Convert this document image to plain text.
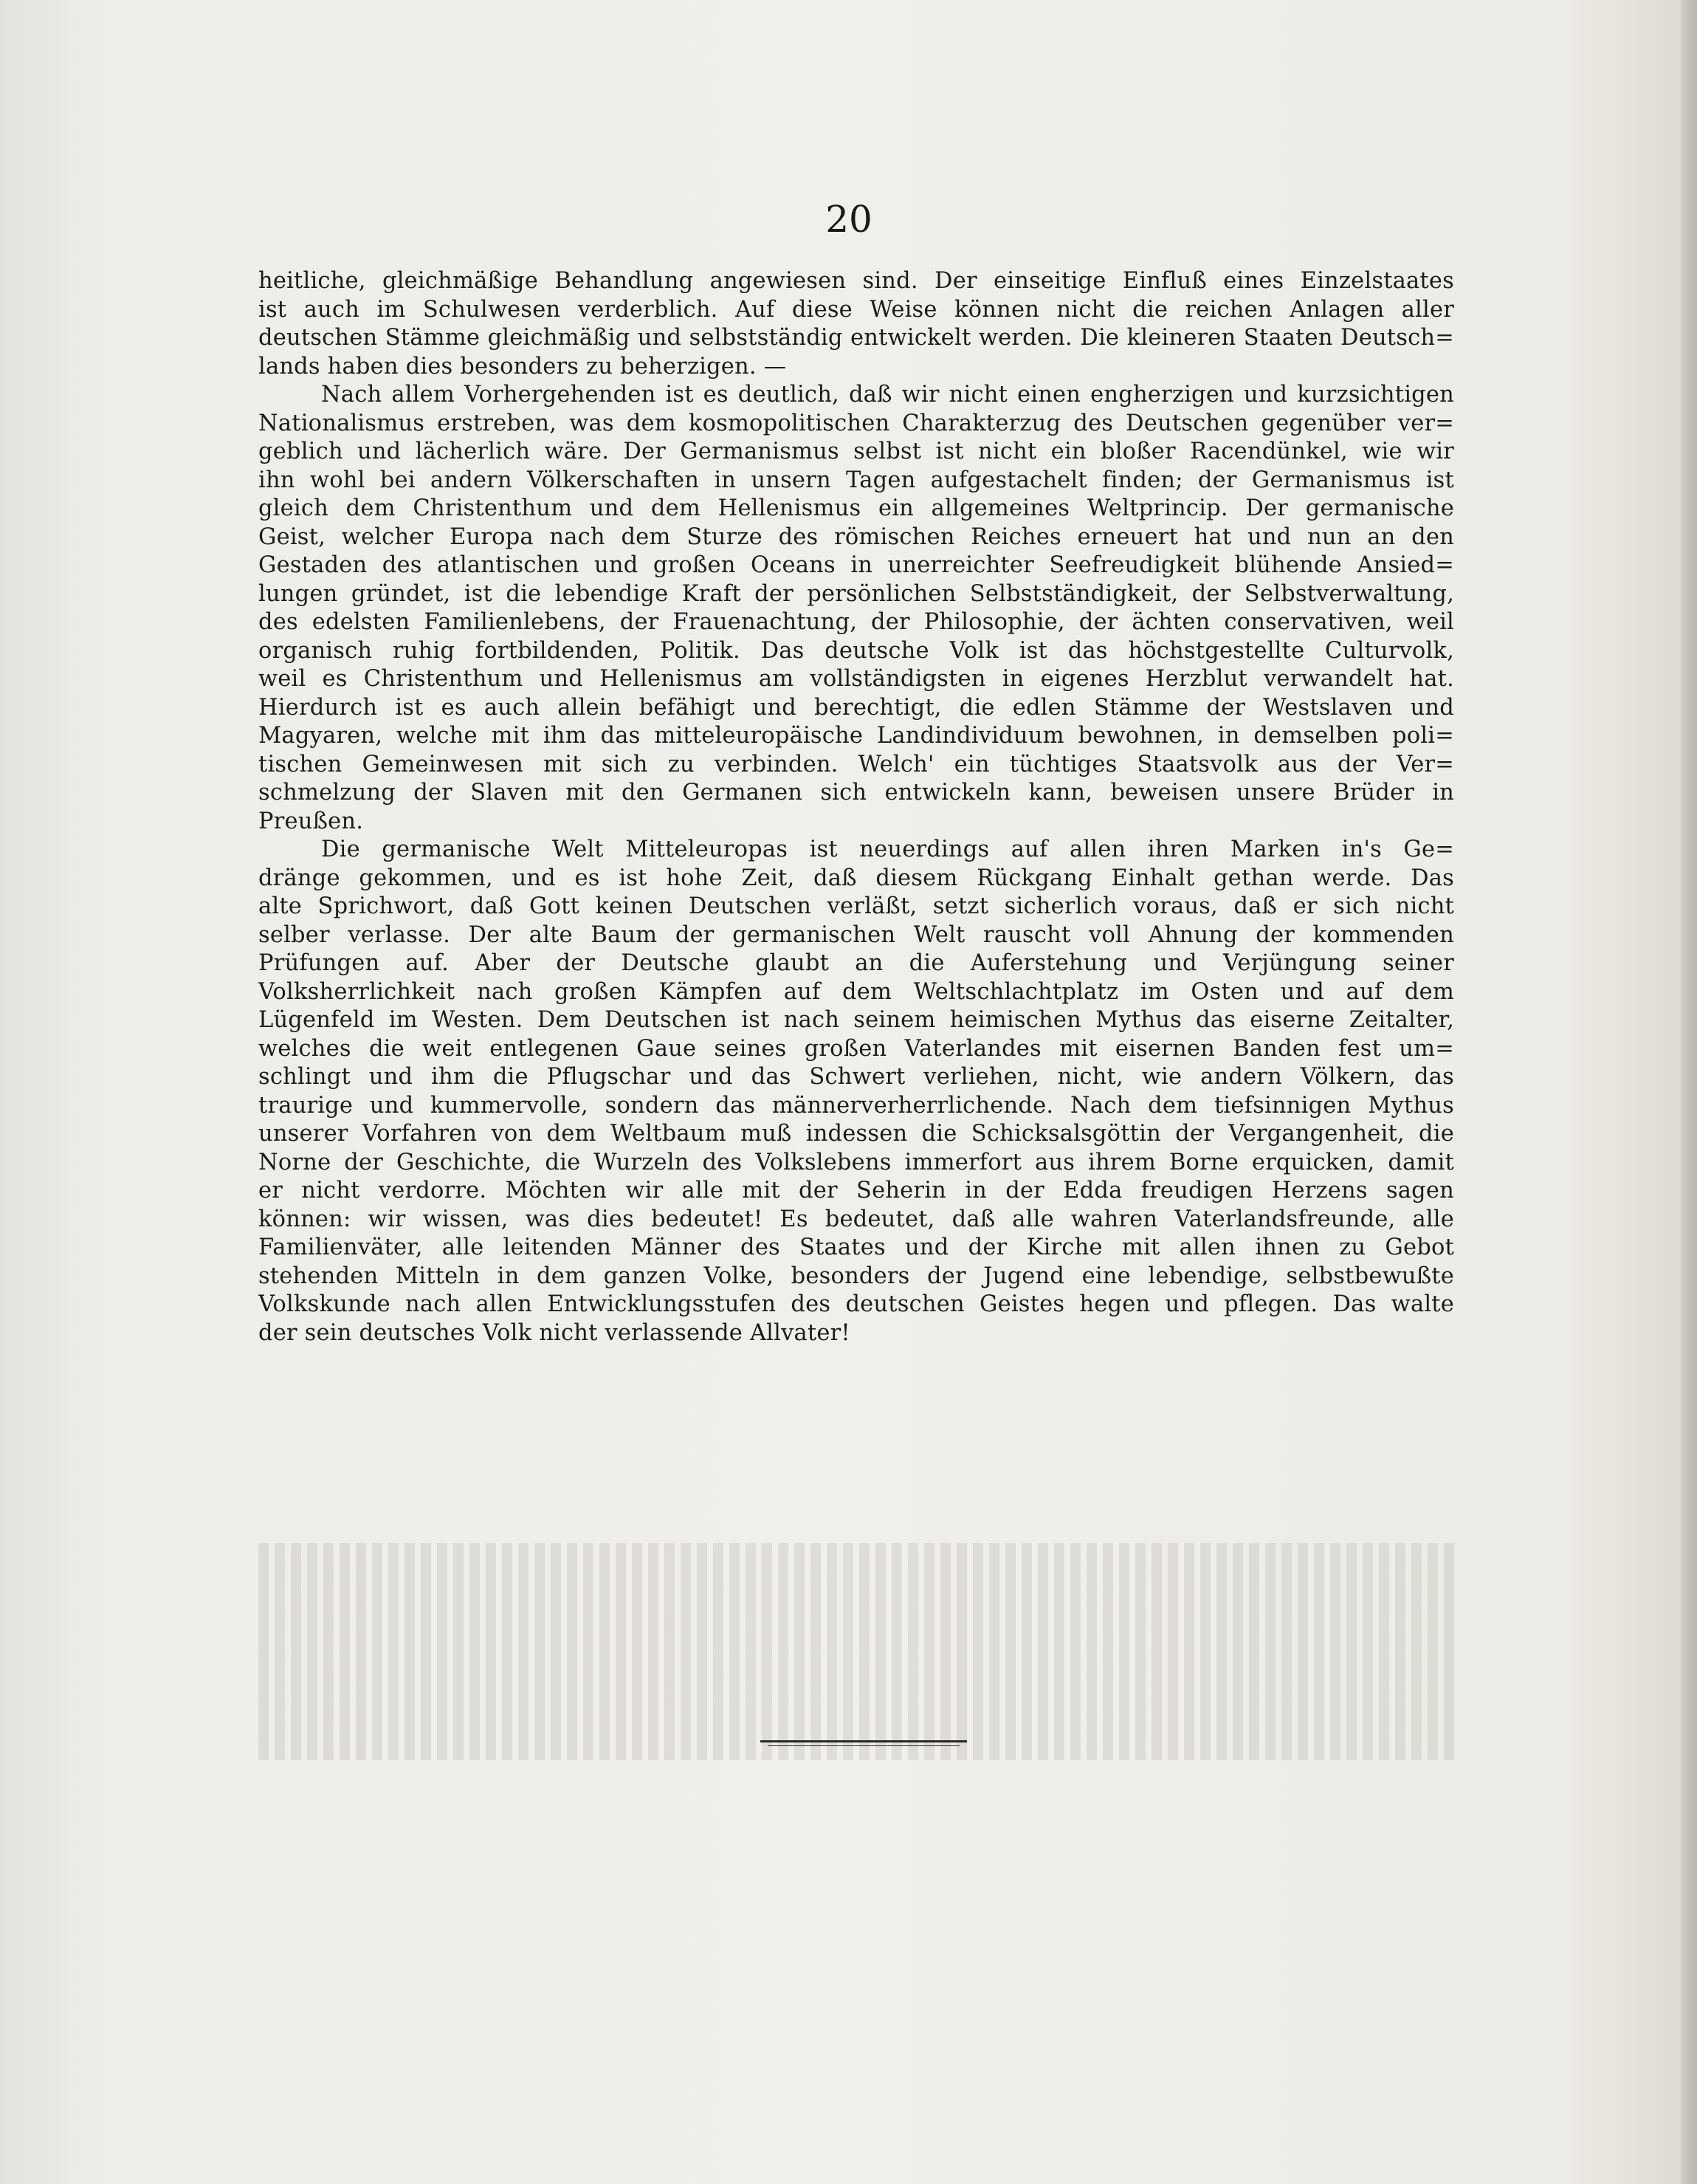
20
heitliche, gleichmäßige Behandlung angewiesen sind. Der einseitige Einfluß eines Einzelstaates
ist auch im Schulwesen verderblich. Auf diese Weise können nicht die reichen Anlagen aller
deutschen Stämme gleichmäßig und selbstständig entwickelt werden. Die kleineren Staaten Deutsch=
lands haben dies besonders zu beherzigen. —
Nach allem Vorhergehenden ist es deutlich, daß wir nicht einen engherzigen und kurzsichtigen
Nationalismus erstreben, was dem kosmopolitischen Charakterzug des Deutschen gegenüber ver=
geblich und lächerlich wäre. Der Germanismus selbst ist nicht ein bloßer Racendünkel, wie wir
ihn wohl bei andern Völkerschaften in unsern Tagen aufgestachelt finden; der Germanismus ist
gleich dem Christenthum und dem Hellenismus ein allgemeines Weltprincip. Der germanische
Geist, welcher Europa nach dem Sturze des römischen Reiches erneuert hat und nun an den
Gestaden des atlantischen und großen Oceans in unerreichter Seefreudigkeit blühende Ansied=
lungen gründet, ist die lebendige Kraft der persönlichen Selbstständigkeit, der Selbstverwaltung,
des edelsten Familienlebens, der Frauenachtung, der Philosophie, der ächten conservativen, weil
organisch ruhig fortbildenden, Politik. Das deutsche Volk ist das höchstgestellte Culturvolk,
weil es Christenthum und Hellenismus am vollständigsten in eigenes Herzblut verwandelt hat.
Hierdurch ist es auch allein befähigt und berechtigt, die edlen Stämme der Westslaven und
Magyaren, welche mit ihm das mitteleuropäische Landindividuum bewohnen, in demselben poli=
tischen Gemeinwesen mit sich zu verbinden. Welch' ein tüchtiges Staatsvolk aus der Ver=
schmelzung der Slaven mit den Germanen sich entwickeln kann, beweisen unsere Brüder in
Preußen.
Die germanische Welt Mitteleuropas ist neuerdings auf allen ihren Marken in's Ge=
dränge gekommen, und es ist hohe Zeit, daß diesem Rückgang Einhalt gethan werde. Das
alte Sprichwort, daß Gott keinen Deutschen verläßt, setzt sicherlich voraus, daß er sich nicht
selber verlasse. Der alte Baum der germanischen Welt rauscht voll Ahnung der kommenden
Prüfungen auf. Aber der Deutsche glaubt an die Auferstehung und Verjüngung seiner
Volksherrlichkeit nach großen Kämpfen auf dem Weltschlachtplatz im Osten und auf dem
Lügenfeld im Westen. Dem Deutschen ist nach seinem heimischen Mythus das eiserne Zeitalter,
welches die weit entlegenen Gaue seines großen Vaterlandes mit eisernen Banden fest um=
schlingt und ihm die Pflugschar und das Schwert verliehen, nicht, wie andern Völkern, das
traurige und kummervolle, sondern das männerverherrlichende. Nach dem tiefsinnigen Mythus
unserer Vorfahren von dem Weltbaum muß indessen die Schicksalsgöttin der Vergangenheit, die
Norne der Geschichte, die Wurzeln des Volkslebens immerfort aus ihrem Borne erquicken, damit
er nicht verdorre. Möchten wir alle mit der Seherin in der Edda freudigen Herzens sagen
können: wir wissen, was dies bedeutet! Es bedeutet, daß alle wahren Vaterlandsfreunde, alle
Familienväter, alle leitenden Männer des Staates und der Kirche mit allen ihnen zu Gebot
stehenden Mitteln in dem ganzen Volke, besonders der Jugend eine lebendige, selbstbewußte
Volkskunde nach allen Entwicklungsstufen des deutschen Geistes hegen und pflegen. Das walte
der sein deutsches Volk nicht verlassende Allvater!
